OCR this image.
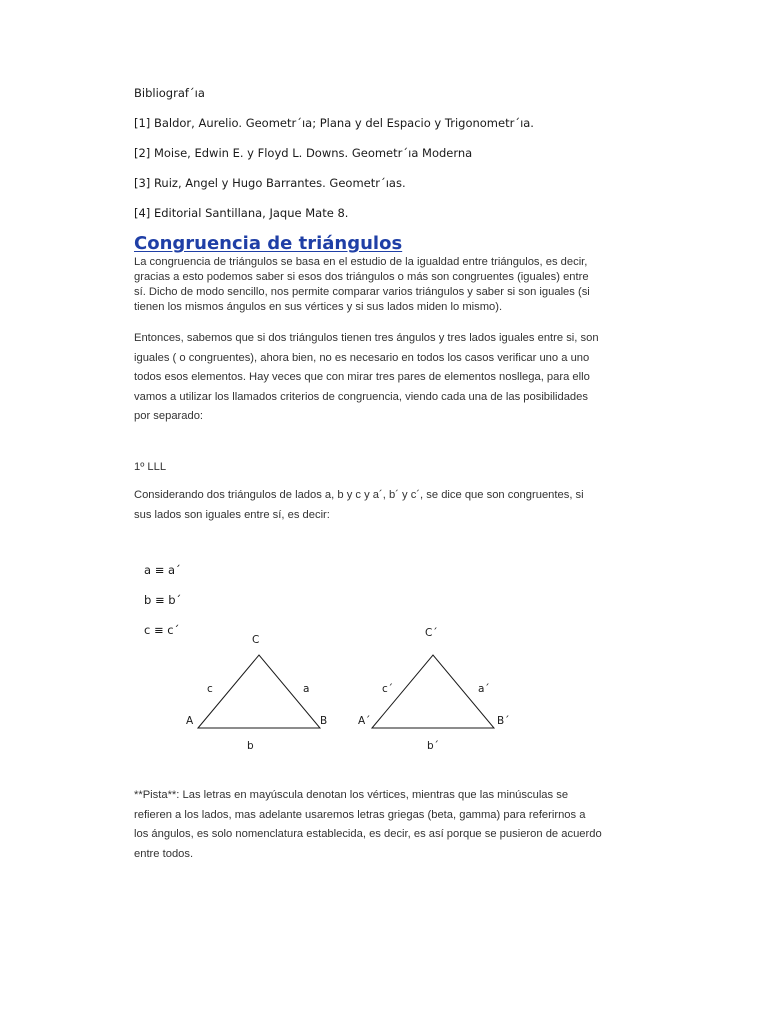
Bibliograf´ıa
[1] Baldor, Aurelio. Geometr´ıa; Plana y del Espacio y Trigonometr´ıa.
[2] Moise, Edwin E. y Floyd L. Downs. Geometr´ıa Moderna
[3] Ruiz, Angel y Hugo Barrantes. Geometr´ıas.
[4] Editorial Santillana, Jaque Mate 8.
Congruencia de triángulos
La congruencia de triángulos se basa en el estudio de la igualdad entre triángulos, es decir,
gracias a esto podemos saber si esos dos triángulos o más son congruentes (iguales) entre
sí. Dicho de modo sencillo, nos permite comparar varios triángulos y saber si son iguales (si
tienen los mismos ángulos en sus vértices y si sus lados miden lo mismo).
Entonces, sabemos que si dos triángulos tienen tres ángulos y tres lados iguales entre si, son
iguales ( o congruentes), ahora bien, no es necesario en todos los casos verificar uno a uno
todos esos elementos. Hay veces que con mirar tres pares de elementos nosllega, para ello
vamos a utilizar los llamados criterios de congruencia, viendo cada una de las posibilidades
por separado:
1º LLL
Considerando dos triángulos de lados a, b y c y a´, b´ y c´, se dice que son congruentes, si
sus lados son iguales entre sí, es decir:
a ≡ a´
b ≡ b´
c ≡ c´
C
A	B
c	a
b
C´
A´	B´
c´	a´
b´
**Pista**: Las letras en mayúscula denotan los vértices, mientras que las minúsculas se
refieren a los lados, mas adelante usaremos letras griegas (beta, gamma) para referirnos a
los ángulos, es solo nomenclatura establecida, es decir, es así porque se pusieron de acuerdo
entre todos.
